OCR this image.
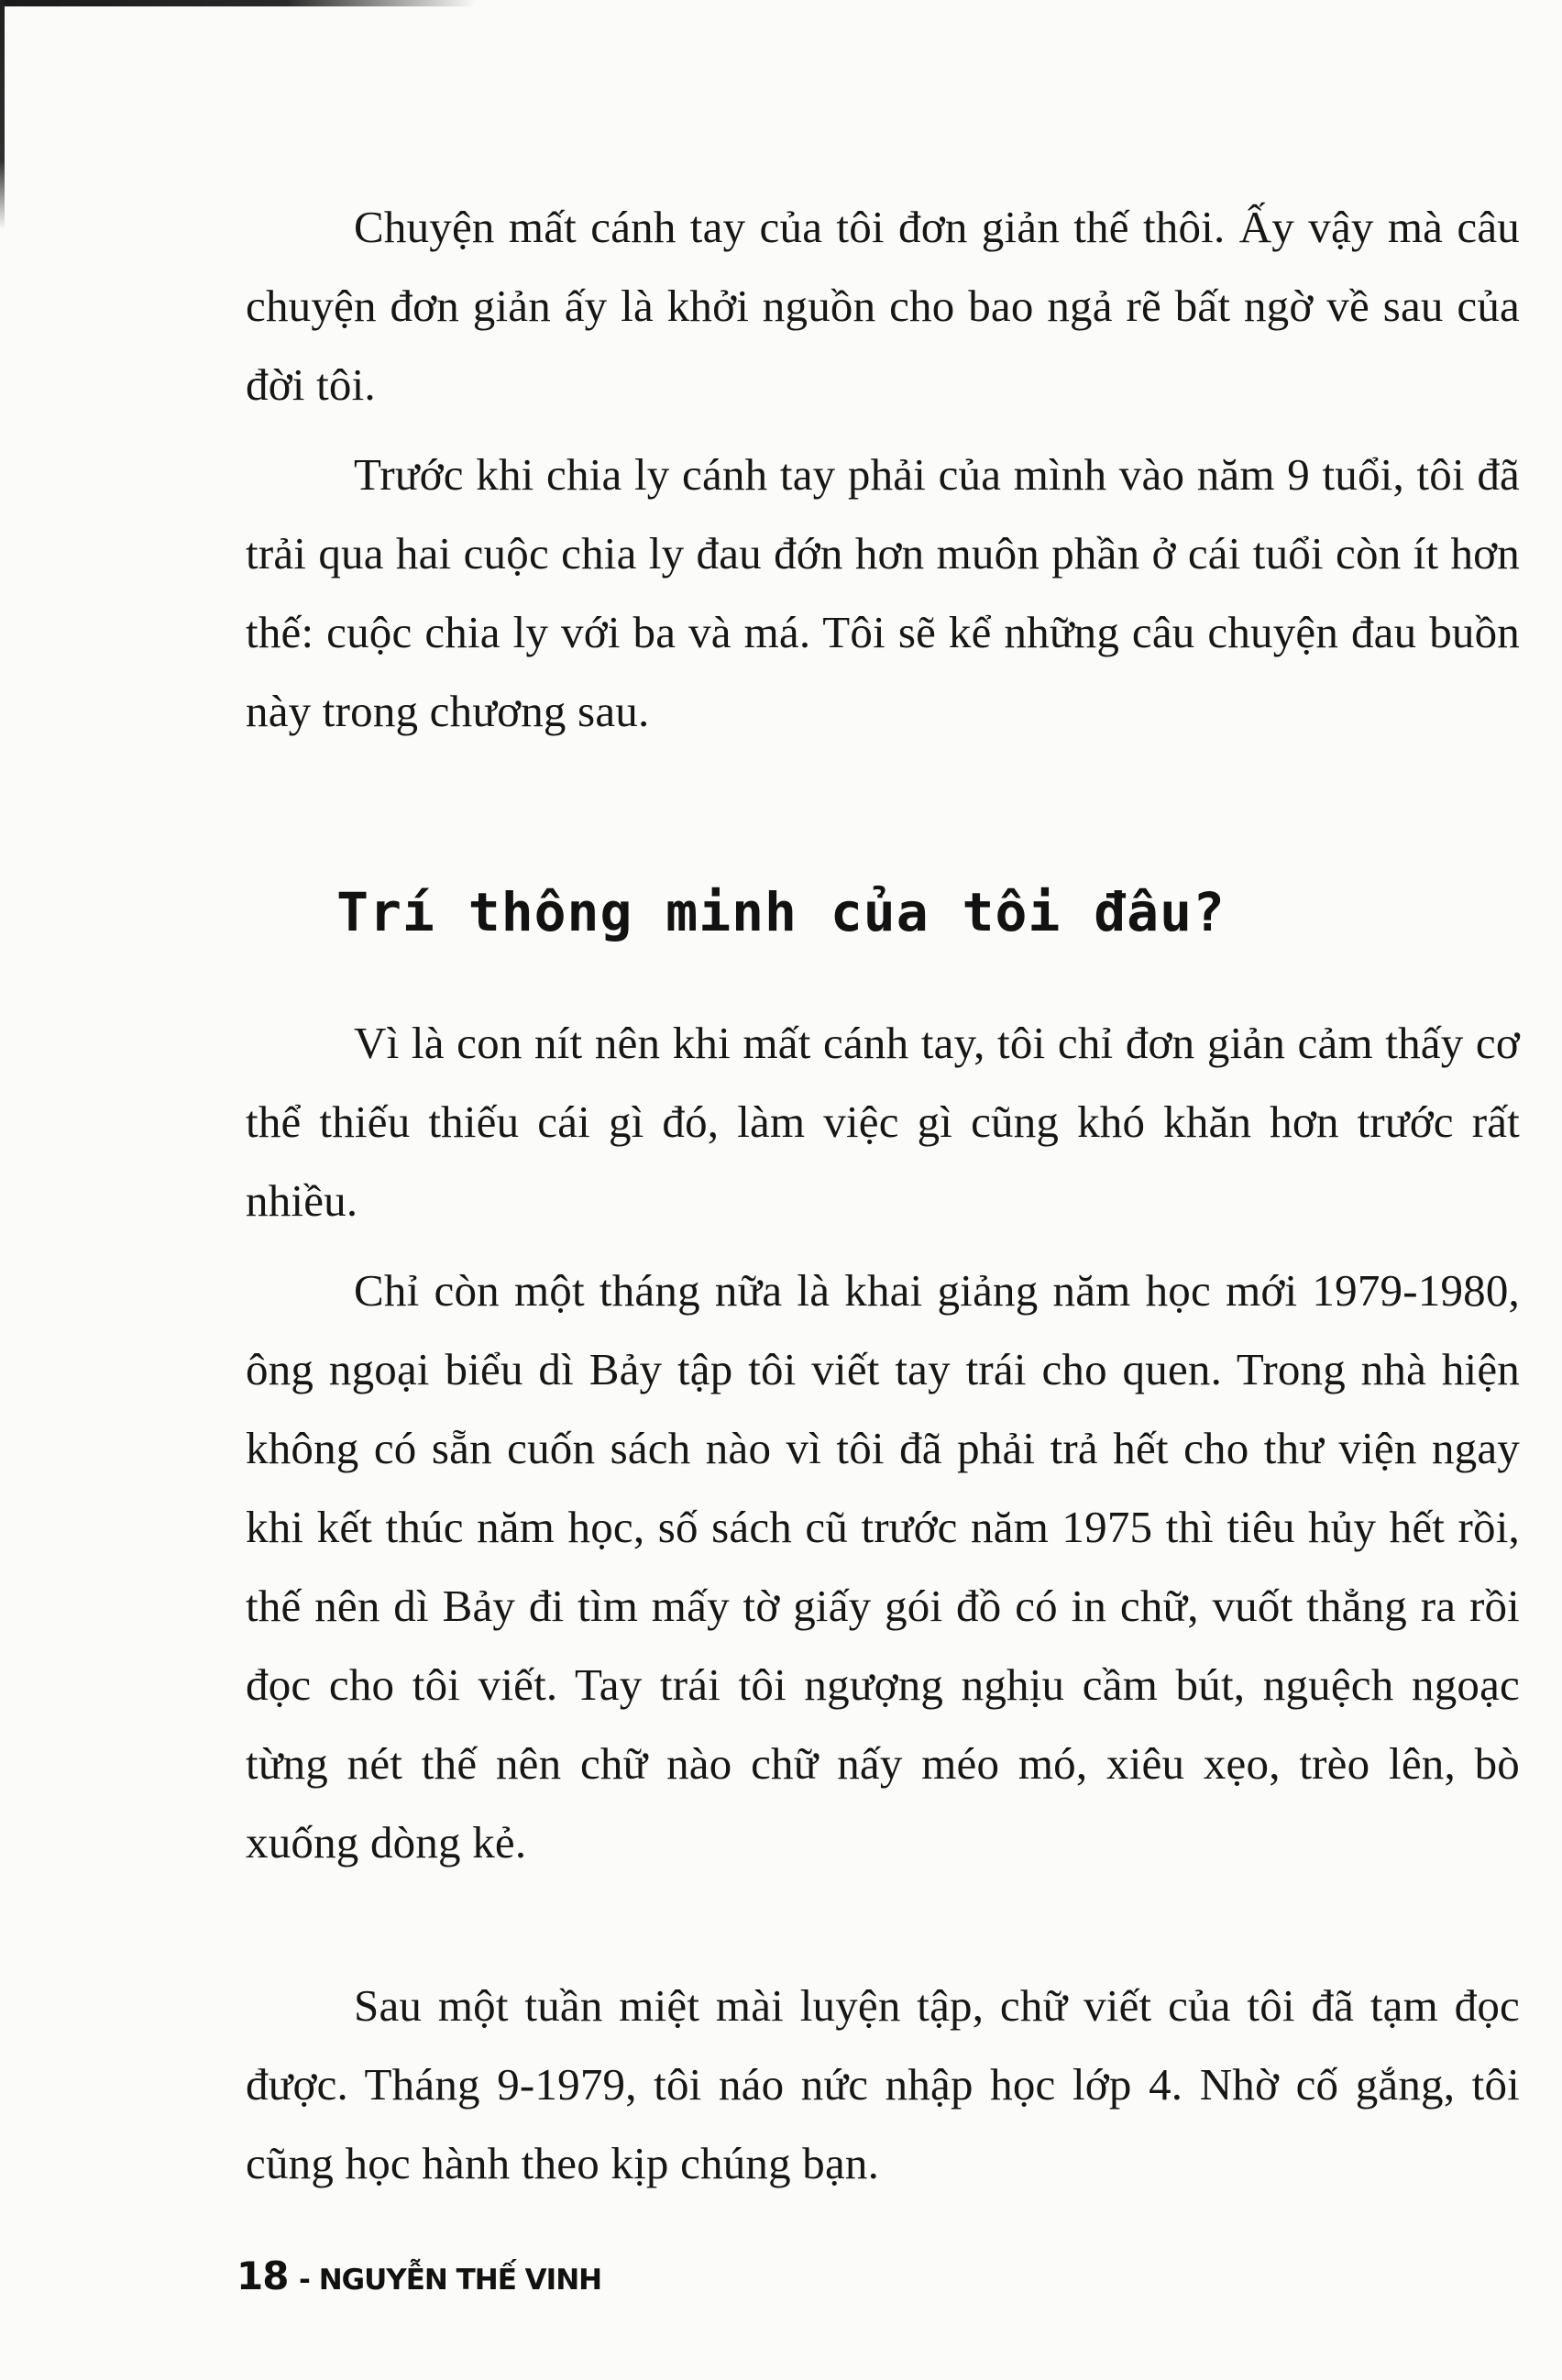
Chuyện mất cánh tay của tôi đơn giản thế thôi. Ấy vậy mà câu chuyện đơn giản ấy là khởi nguồn cho bao ngả rẽ bất ngờ về sau của đời tôi.

Trước khi chia ly cánh tay phải của mình vào năm 9 tuổi, tôi đã trải qua hai cuộc chia ly đau đớn hơn muôn phần ở cái tuổi còn ít hơn thế: cuộc chia ly với ba và má. Tôi sẽ kể những câu chuyện đau buồn này trong chương sau.

Trí thông minh của tôi đâu?

Vì là con nít nên khi mất cánh tay, tôi chỉ đơn giản cảm thấy cơ thể thiếu thiếu cái gì đó, làm việc gì cũng khó khăn hơn trước rất nhiều.

Chỉ còn một tháng nữa là khai giảng năm học mới 1979-1980, ông ngoại biểu dì Bảy tập tôi viết tay trái cho quen. Trong nhà hiện không có sẵn cuốn sách nào vì tôi đã phải trả hết cho thư viện ngay khi kết thúc năm học, số sách cũ trước năm 1975 thì tiêu hủy hết rồi, thế nên dì Bảy đi tìm mấy tờ giấy gói đồ có in chữ, vuốt thẳng ra rồi đọc cho tôi viết. Tay trái tôi ngượng nghịu cầm bút, nguệch ngoạc từng nét thế nên chữ nào chữ nấy méo mó, xiêu xẹo, trèo lên, bò xuống dòng kẻ.

Sau một tuần miệt mài luyện tập, chữ viết của tôi đã tạm đọc được. Tháng 9-1979, tôi náo nức nhập học lớp 4. Nhờ cố gắng, tôi cũng học hành theo kịp chúng bạn.

18 - NGUYỄN THẾ VINH
